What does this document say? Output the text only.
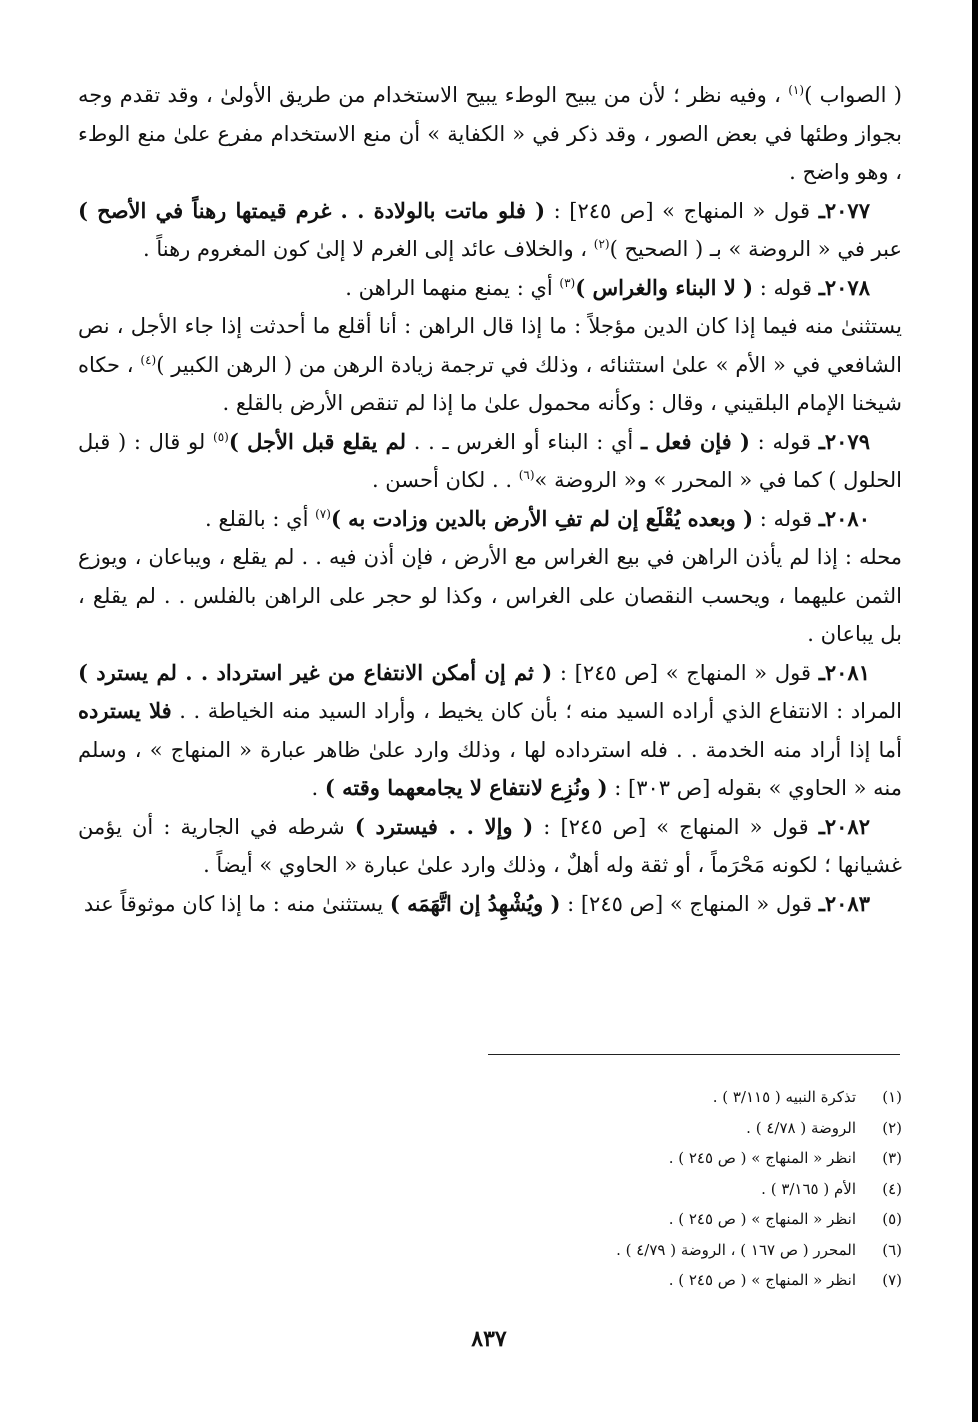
( الصواب )$^{(١)}$ ، وفيه نظر ؛ لأن من يبيح الوطء يبيح الاستخدام من طريق الأولىٰ ، وقد تقدم وجه بجواز وطئها في بعض الصور ، وقد ذكر في « الكفاية » أن منع الاستخدام مفرع علىٰ منع الوطء ، وهو واضح .

٢٠٧٧ـ قول « المنهاج » [ص ٢٤٥] : ( فلو ماتت بالولادة . . غرم قيمتها رهناً في الأصح ) عبر في « الروضة » بـ ( الصحيح )$^{(٢)}$ ، والخلاف عائد إلى الغرم لا إلىٰ كون المغروم رهناً .

٢٠٧٨ـ قوله : ( لا البناء والغراس )$^{(٣)}$ أي : يمنع منهما الراهن .

يستثنىٰ منه فيما إذا كان الدين مؤجلاً : ما إذا قال الراهن : أنا أقلع ما أحدثت إذا جاء الأجل ، نص الشافعي في « الأم » علىٰ استثنائه ، وذلك في ترجمة زيادة الرهن من ( الرهن الكبير )$^{(٤)}$ ، حكاه شيخنا الإمام البلقيني ، وقال : وكأنه محمول علىٰ ما إذا لم تنقص الأرض بالقلع .

٢٠٧٩ـ قوله : ( فإن فعل ـ أي : البناء أو الغرس ـ . . لم يقلع قبل الأجل )$^{(٥)}$ لو قال : ( قبل الحلول ) كما في « المحرر » و« الروضة »$^{(٦)}$ . . لكان أحسن .

٢٠٨٠ـ قوله : ( وبعده يُقْلَع إن لم تفِ الأرض بالدين وزادت به )$^{(٧)}$ أي : بالقلع .

محله : إذا لم يأذن الراهن في بيع الغراس مع الأرض ، فإن أذن فيه . . لم يقلع ، ويباعان ، ويوزع الثمن عليهما ، ويحسب النقصان على الغراس ، وكذا لو حجر على الراهن بالفلس . . لم يقلع ، بل يباعان .

٢٠٨١ـ قول « المنهاج » [ص ٢٤٥] : ( ثم إن أمكن الانتفاع من غير استرداد . . لم يسترد ) المراد : الانتفاع الذي أراده السيد منه ؛ بأن كان يخيط ، وأراد السيد منه الخياطة . . فلا يسترده أما إذا أراد منه الخدمة . . فله استرداده لها ، وذلك وارد علىٰ ظاهر عبارة « المنهاج » ، وسلم منه « الحاوي » بقوله [ص ٣٠٣] : ( ونُزِع لانتفاع لا يجامعهما وقته ) .

٢٠٨٢ـ قول « المنهاج » [ص ٢٤٥] : ( وإلا . . فيسترد ) شرطه في الجارية : أن يؤمن غشيانها ؛ لكونه مَحْرَماً ، أو ثقة وله أهلٌ ، وذلك وارد علىٰ عبارة « الحاوي » أيضاً .

٢٠٨٣ـ قول « المنهاج » [ص ٢٤٥] : ( ويُشْهِدُ إن اتَّهَمَه ) يستثنىٰ منه : ما إذا كان موثوقاً عند

(١)
تذكرة النبيه ( ٣/١١٥ ) .
(٢)
الروضة ( ٤/٧٨ ) .
(٣)
انظر « المنهاج » ( ص ٢٤٥ ) .
(٤)
الأم ( ٣/١٦٥ ) .
(٥)
انظر « المنهاج » ( ص ٢٤٥ ) .
(٦)
المحرر ( ص ١٦٧ ) ، الروضة ( ٤/٧٩ ) .
(٧)
انظر « المنهاج » ( ص ٢٤٥ ) .
٨٣٧
